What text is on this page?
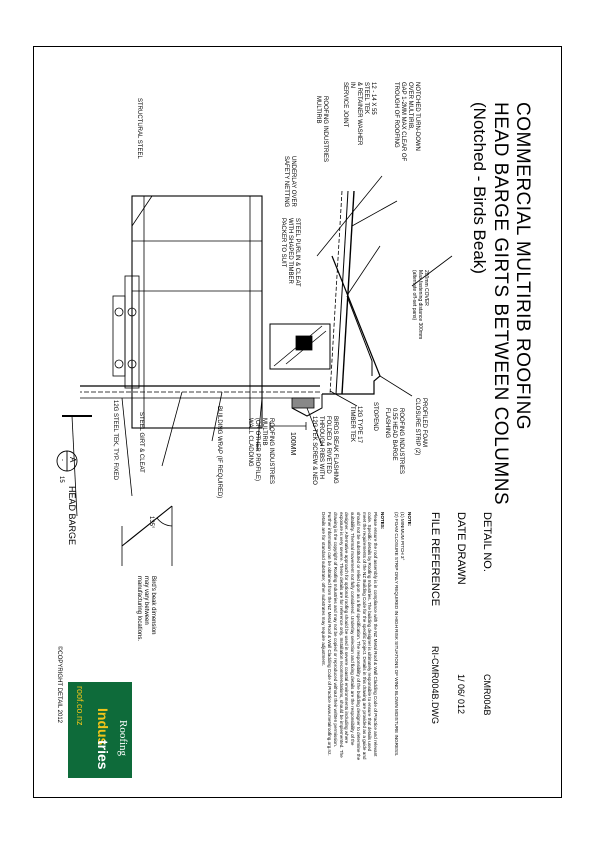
COMMERCIAL MULTIRIB ROOFING
HEAD BARGE GIRTS BETWEEN COLUMNS
(Notched - Birds Beak)
DETAIL NO.
CMR004B
DATE DRAWN
1/ 06/ 012
FILE REFERENCE
RI-CMR004B.DWG
NOTE:
(1) MINIMUM PITCH 3°
(2) FOAM CLOSURE STRIP ONLY REQUIRED IN HIGH RISK SITUATIONS OF WIND BLOWN MOISTURE INGRESS.
NOTES:
Please ensure the roof assembly is in compliance with the NZ Metal Roof & Wall Cladding Code of Practice and relevant code. Specific details by Roofing Industries. The building designer is ultimately responsible to ensure that details used meet the requirements of the NZ Building Code for the specific project. Details in this drawing are provided as a guide and should not be substituted or relied upon as a final specification. The responsibility of the building designer to determine the suitability. Thermal movement not fully considered. Underlay selection and fixing details are the responsibility of the designer. Alternative approach for optional roofing should be used in severe coastal environments including where exposure is very severe. These details are for reference only. Installation recommendations, should be implemented. The drawing is the copyright of Roofing Industries and may not be copied or reproduced without their written permission. Further information can be obtained from the NZ Metal Roof & Wall Cladding Code of Practice www.metalroofing.org.nz. Details are for standard substrate; other substrates may require adjustment.
12 - 14 X 55
STEEL TEK
& RETAINER WASHER IN
SERVICE JOINT	NOTCHED TURN-DOWN
OVER MULTIRIB,
GAP 1-2MM MAX CLEAR OF
TROUGH OF ROOFING
ROOFING INDUSTRIES
MULTIRIB
UNDERLAY OVER
SAFETY NETTING
STEEL PURLIN & CLEAT
WITH SHAPED TIMBER
PACKER TO SUIT
STRUCTURAL STEEL
200mm COVER
Max fastening distance 300mm
(alternate off-set pans)
PROFILED FOAM
CLOSURE STRIP (2)
ROOFING INDUSTRIES
0.55 HEAD BARGE
FLASHING
STOPEND
12G TYPE 17
TIMBER TEK
100MM	BIRDS BEAK FLASHING
FOLDED & RIVETED
THROUGH RIBS WITH
12G TEK SCREW & NEO
ROOFING INDUSTRIES
MULTIRIB
(OR OTHER PROFILE)
WALL CLADDING
BUILDING WRAP (IF REQUIRED)
STEEL GIRT & CLEAT
12G STEEL TEK, TYP. FIXED
A
-
15
HEAD BARGE	135°
Bird's beak dimension
may vary between
manufacturing locations.
©COPYRIGHT DETAIL 2012
Roofing
Indus
tries
roof.co.nz
